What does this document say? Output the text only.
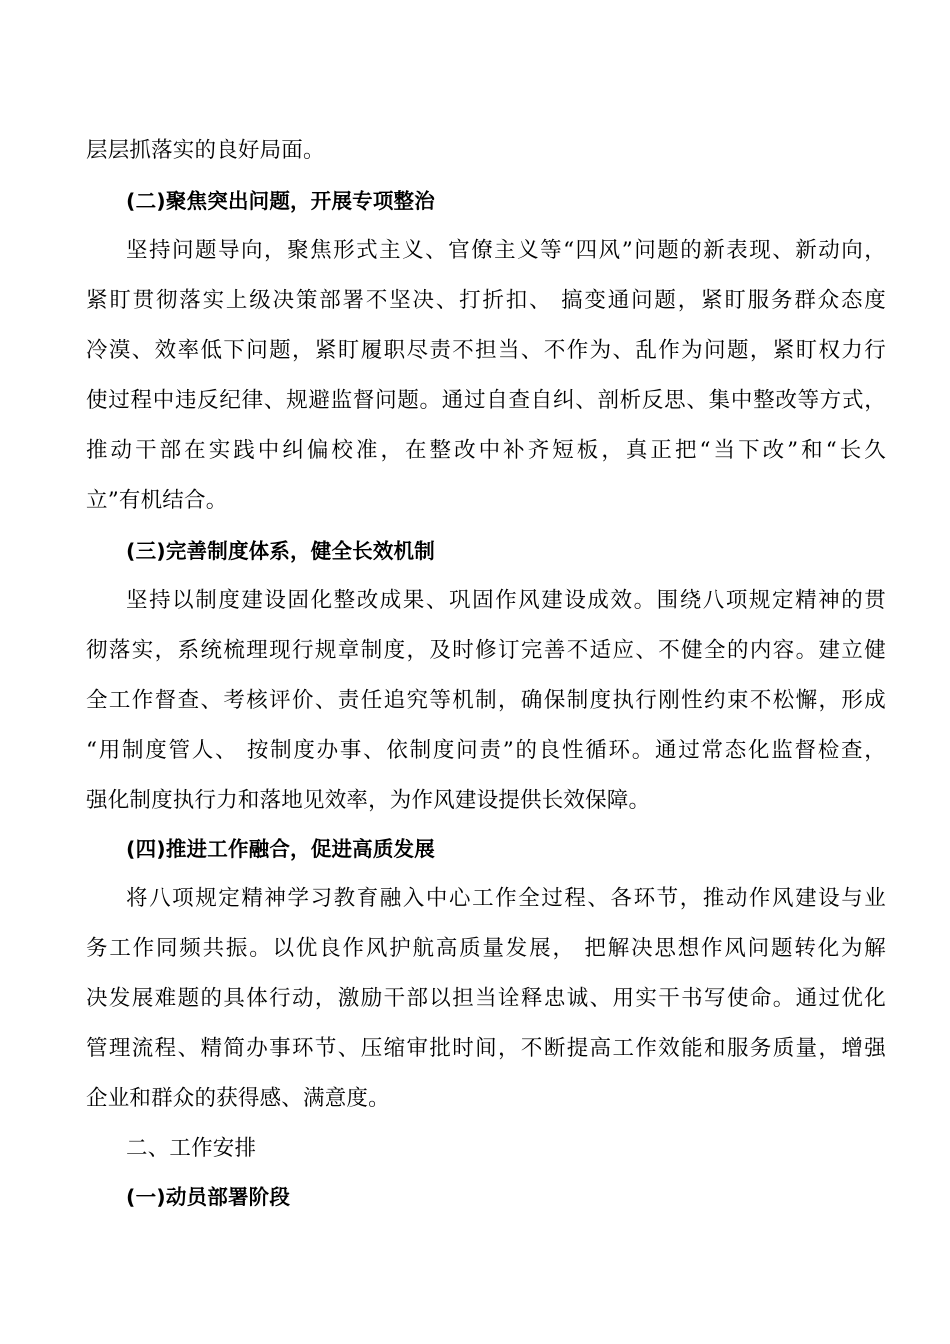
层层抓落实的良好局面。
(二)聚焦突出问题，开展专项整治
坚持问题导向，聚焦形式主义、官僚主义等“四风”问题的新表现、新动向，
紧盯贯彻落实上级决策部署不坚决、打折扣、 搞变通问题，紧盯服务群众态度
冷漠、效率低下问题，紧盯履职尽责不担当、不作为、乱作为问题，紧盯权力行
使过程中违反纪律、规避监督问题。通过自查自纠、剖析反思、集中整改等方式，
推动干部在实践中纠偏校准，在整改中补齐短板，真正把“当下改”和“长久
立”有机结合。
(三)完善制度体系，健全长效机制
坚持以制度建设固化整改成果、巩固作风建设成效。围绕八项规定精神的贯
彻落实，系统梳理现行规章制度，及时修订完善不适应、不健全的内容。建立健
全工作督查、考核评价、责任追究等机制，确保制度执行刚性约束不松懈，形成
“用制度管人、 按制度办事、依制度问责”的良性循环。通过常态化监督检查，
强化制度执行力和落地见效率，为作风建设提供长效保障。
(四)推进工作融合，促进高质发展
将八项规定精神学习教育融入中心工作全过程、各环节，推动作风建设与业
务工作同频共振。以优良作风护航高质量发展， 把解决思想作风问题转化为解
决发展难题的具体行动，激励干部以担当诠释忠诚、用实干书写使命。通过优化
管理流程、精简办事环节、压缩审批时间，不断提高工作效能和服务质量，增强
企业和群众的获得感、满意度。
二、工作安排
(一)动员部署阶段
